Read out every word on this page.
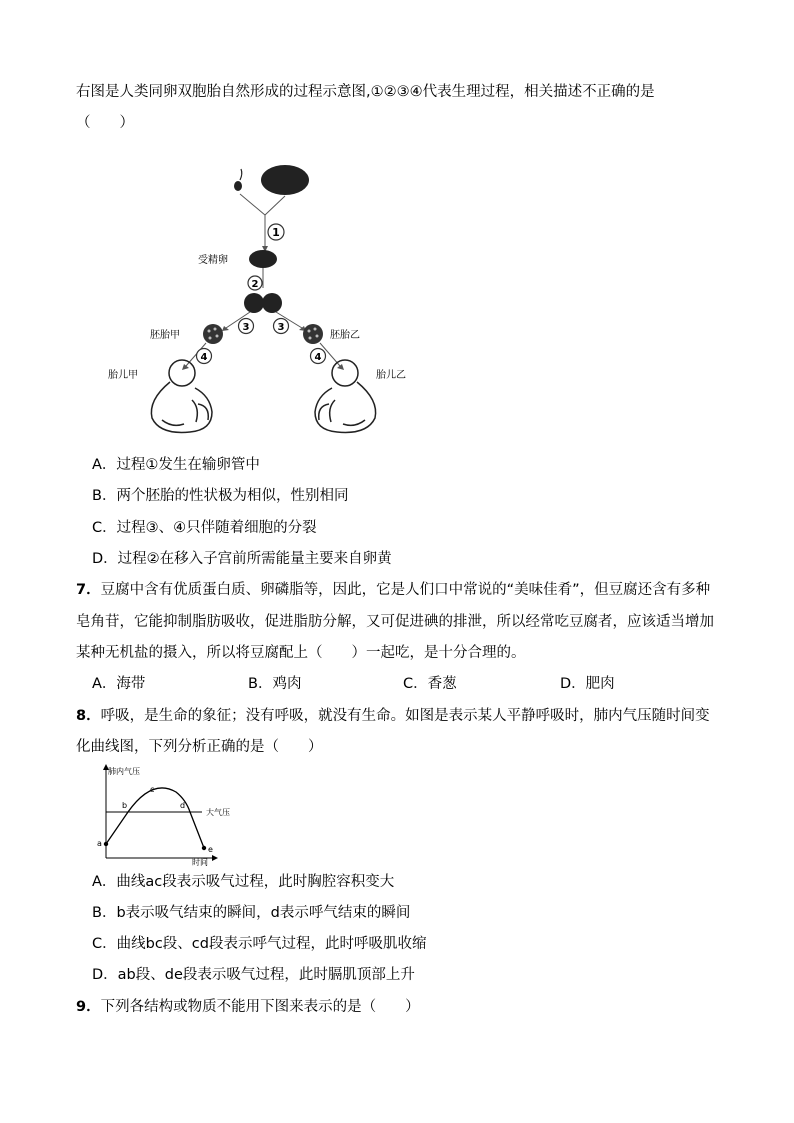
右图是人类同卵双胞胎自然形成的过程示意图,①②③④代表生理过程，相关描述不正确的是
（　　）
1
受精卵
2
3	3
胚胎甲	胚胎乙
4	4
胎儿甲	胎儿乙
A．过程①发生在输卵管中
B．两个胚胎的性状极为相似，性别相同
C．过程③、④只伴随着细胞的分裂
D．过程②在移入子宫前所需能量主要来自卵黄
7．豆腐中含有优质蛋白质、卵磷脂等，因此，它是人们口中常说的“美味佳肴”，但豆腐还含有多种
皂角苷，它能抑制脂肪吸收，促进脂肪分解，又可促进碘的排泄，所以经常吃豆腐者，应该适当增加
某种无机盐的摄入，所以将豆腐配上（　　）一起吃，是十分合理的。
A．海带	B．鸡肉	C．香葱	D．肥肉
8．呼吸，是生命的象征；没有呼吸，就没有生命。如图是表示某人平静呼吸时，肺内气压随时间变
化曲线图，下列分析正确的是（　　）
肺内气压
时间
大气压
a
b
c
d
e
A．曲线ac段表示吸气过程，此时胸腔容积变大
B．b表示吸气结束的瞬间，d表示呼气结束的瞬间
C．曲线bc段、cd段表示呼气过程，此时呼吸肌收缩
D．ab段、de段表示吸气过程，此时膈肌顶部上升
9．下列各结构或物质不能用下图来表示的是（　　）
